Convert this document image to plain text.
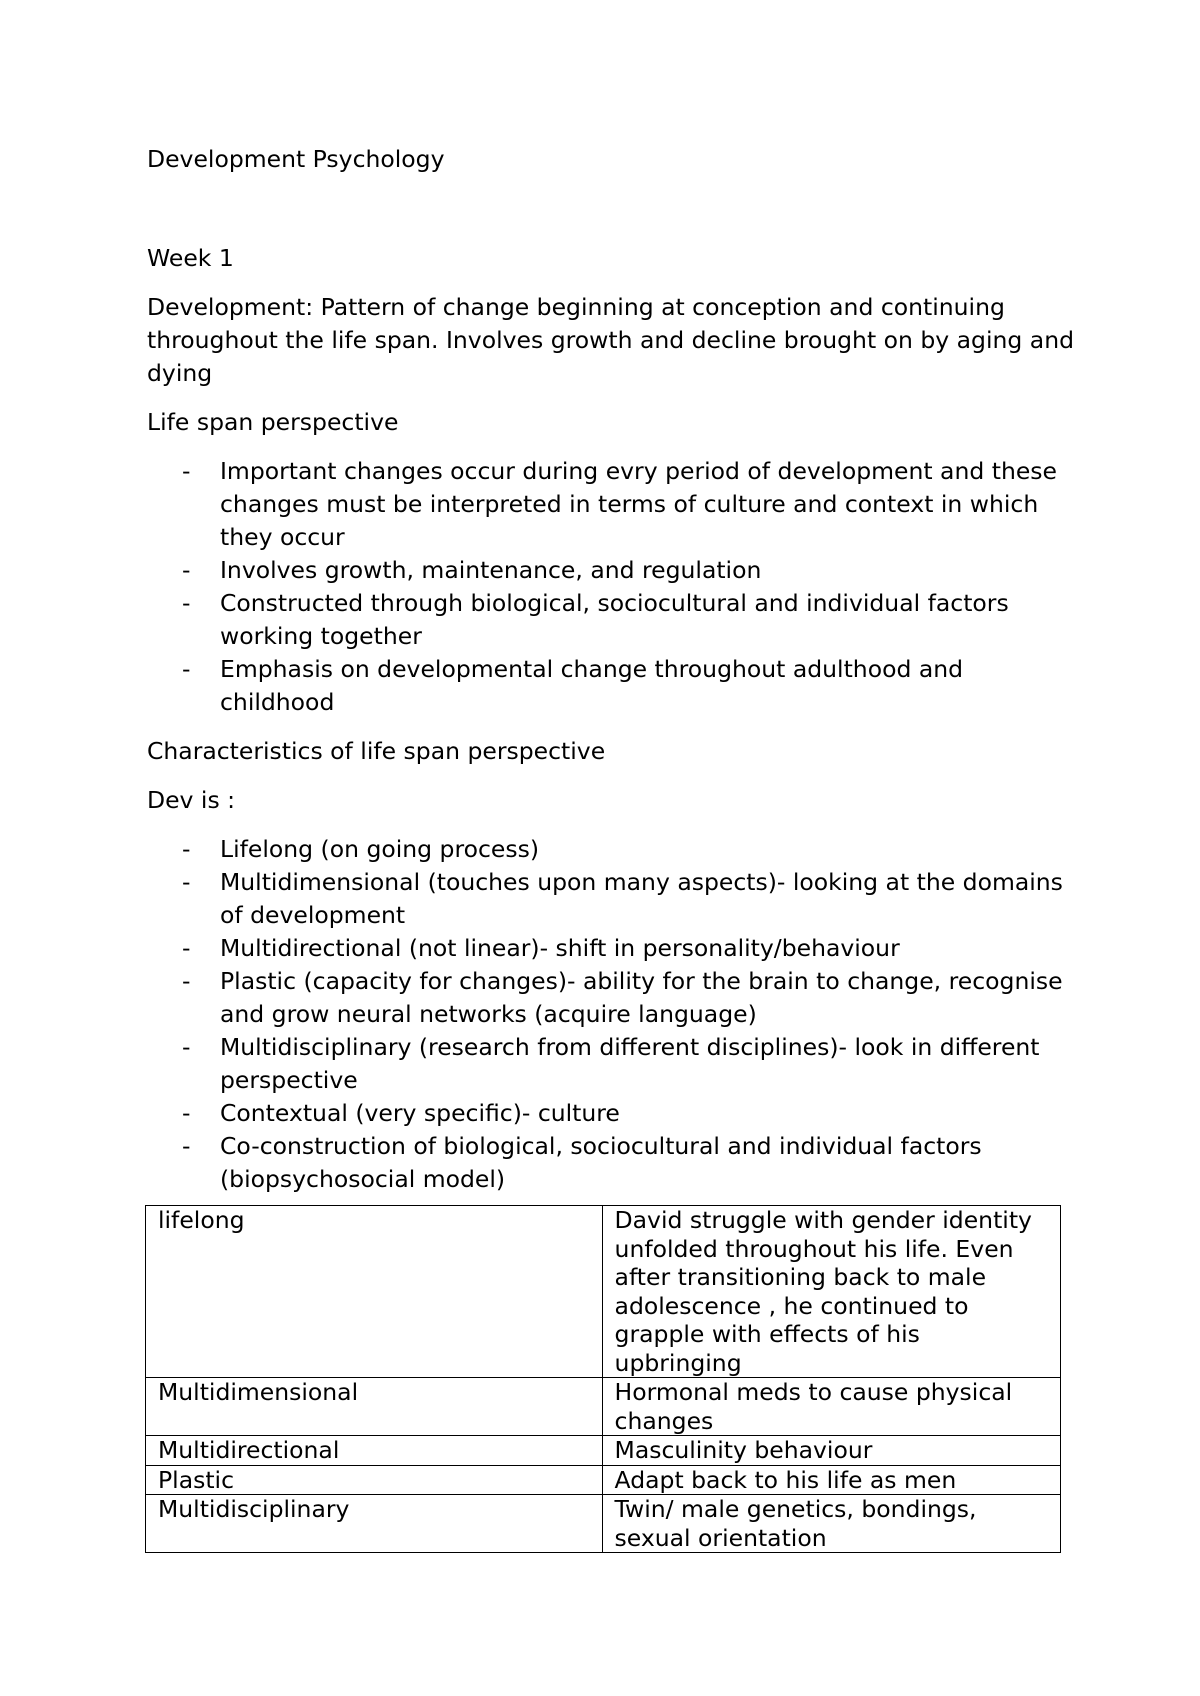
Development Psychology

Week 1

Development: Pattern of change beginning at conception and continuing throughout the life span. Involves growth and decline brought on by aging and dying

Life span perspective

- Important changes occur during evry period of development and these changes must be interpreted in terms of culture and context in which they occur
- Involves growth, maintenance, and regulation
- Constructed through biological, sociocultural and individual factors working together
- Emphasis on developmental change throughout adulthood and childhood

Characteristics of life span perspective

Dev is :

- Lifelong (on going process)
- Multidimensional (touches upon many aspects)- looking at the domains of development
- Multidirectional (not linear)- shift in personality/behaviour
- Plastic (capacity for changes)- ability for the brain to change, recognise and grow neural networks (acquire language)
- Multidisciplinary (research from different disciplines)- look in different perspective
- Contextual (very specific)- culture
- Co-construction of biological, sociocultural and individual factors (biopsychosocial model)
lifelong	David struggle with gender identity unfolded throughout his life. Even after transitioning back to male adolescence , he continued to grapple with effects of his upbringing
Multidimensional	Hormonal meds to cause physical changes
Multidirectional	Masculinity behaviour
Plastic	Adapt back to his life as men
Multidisciplinary	Twin/ male genetics, bondings, sexual orientation
